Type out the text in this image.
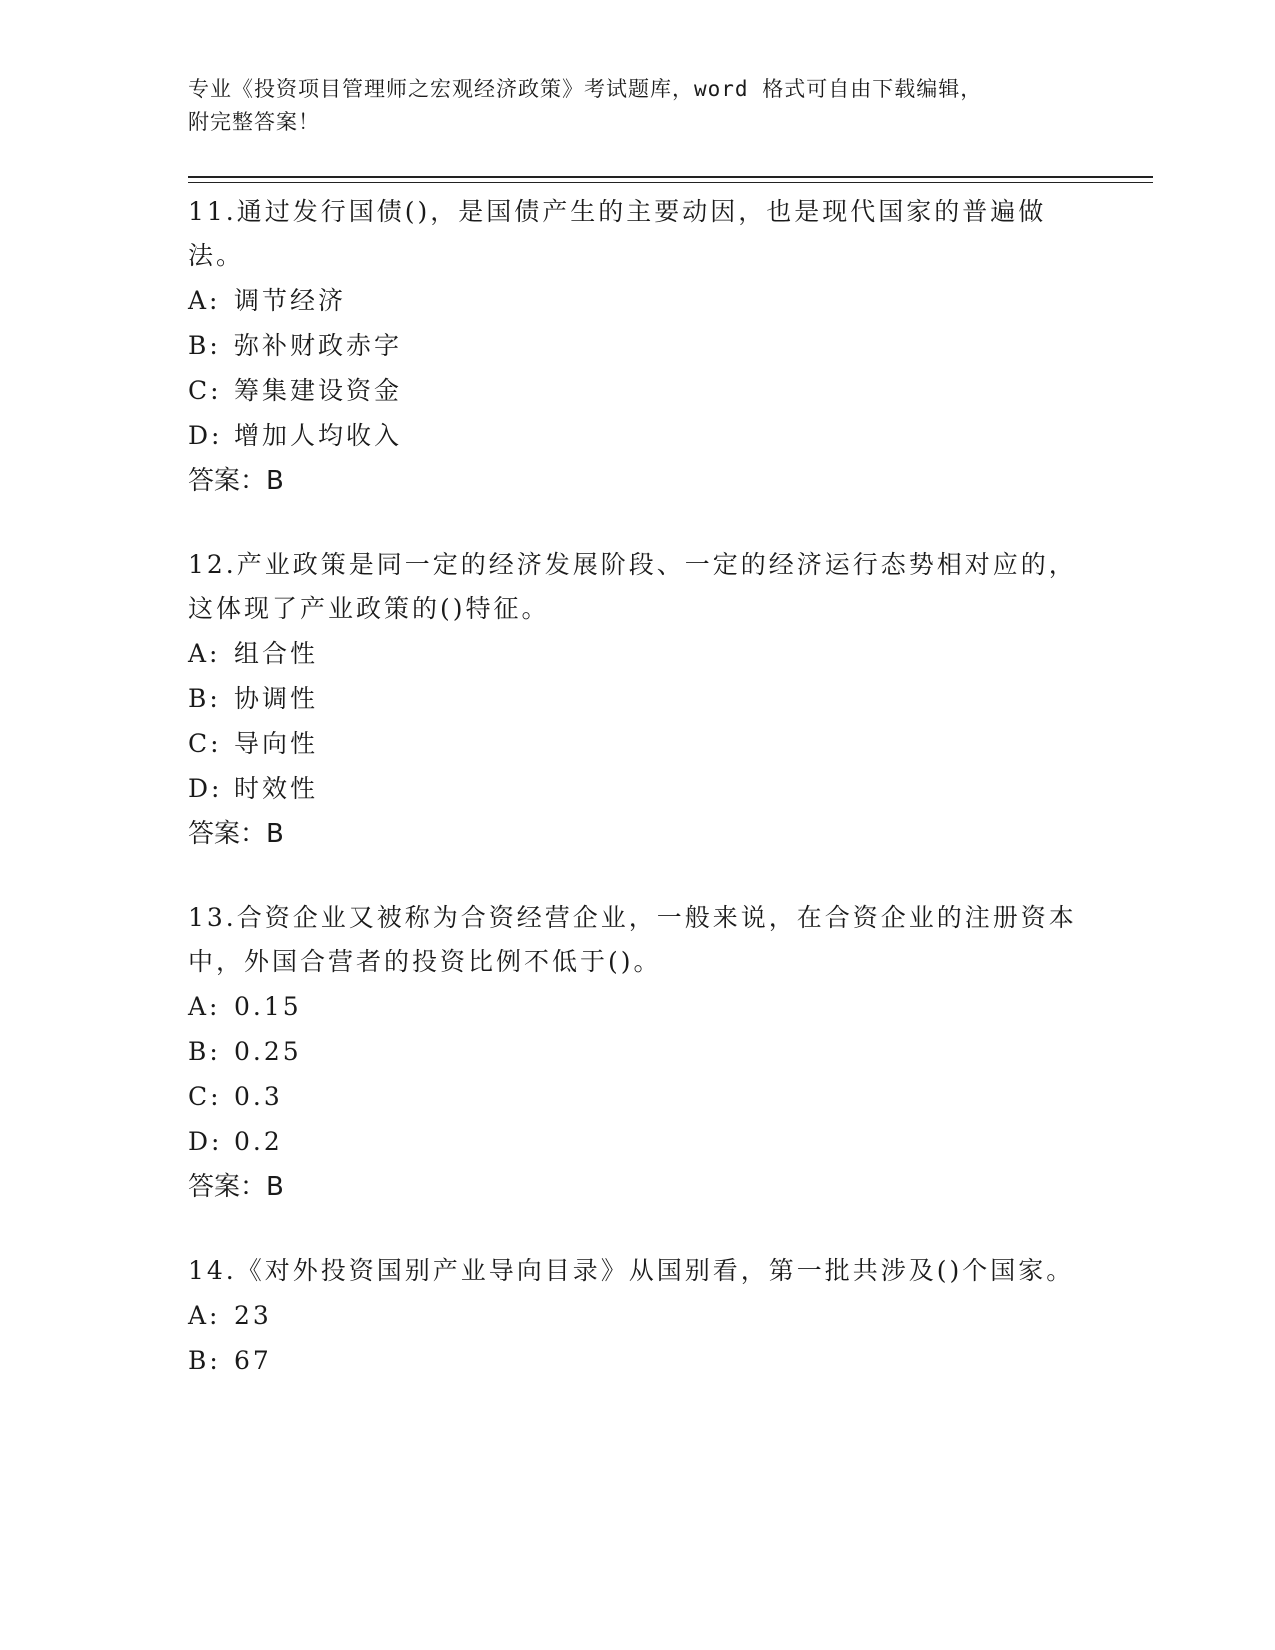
专业《投资项目管理师之宏观经济政策》考试题库，word 格式可自由下载编辑，
附完整答案！
11.通过发行国债()，是国债产生的主要动因，也是现代国家的普遍做法。
A: 调节经济
B: 弥补财政赤字
C: 筹集建设资金
D: 增加人均收入
答案：B
12.产业政策是同一定的经济发展阶段、一定的经济运行态势相对应的，这体现了产业政策的()特征。
A: 组合性
B: 协调性
C: 导向性
D: 时效性
答案：B
13.合资企业又被称为合资经营企业，一般来说，在合资企业的注册资本中，外国合营者的投资比例不低于()。
A: 0.15
B: 0.25
C: 0.3
D: 0.2
答案：B
14.《对外投资国别产业导向目录》从国别看，第一批共涉及()个国家。
A: 23
B: 67
